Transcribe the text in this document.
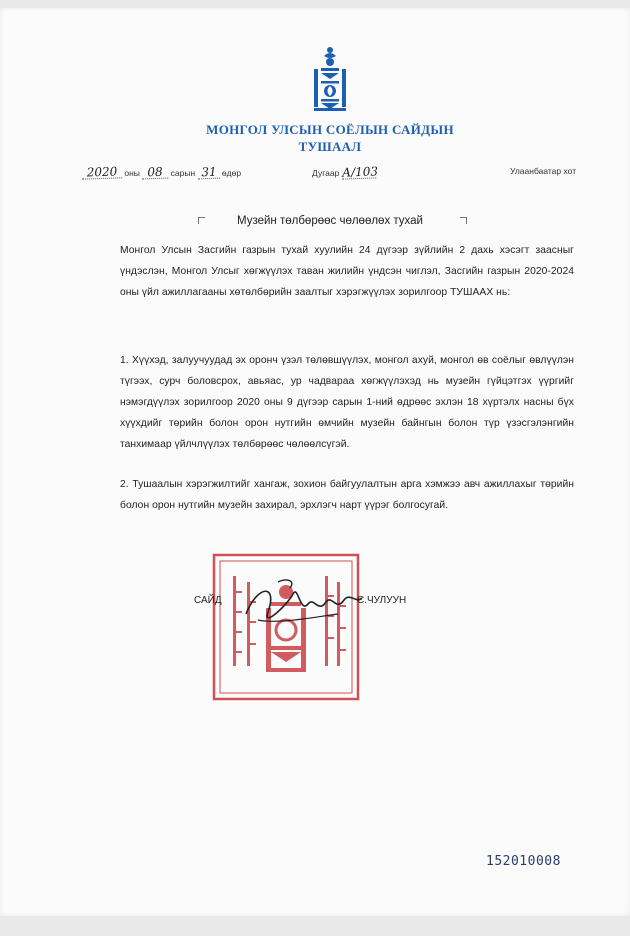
МОНГОЛ УЛСЫН СОЁЛЫН САЙДЫН
ТУШААЛ
2020 оны 08 сарын 31 өдөр	Дугаар А/103	Улаанбаатар хот
Музейн төлбөрөөс чөлөөлөх тухай
Монгол Улсын Засгийн газрын тухай хуулийн 24 дүгээр зүйлийн 2 дахь хэсэгт заасныг үндэслэн, Монгол Улсыг хөгжүүлэх таван жилийн үндсэн чиглэл, Засгийн газрын 2020-2024 оны үйл ажиллагааны хөтөлбөрийн заалтыг хэрэгжүүлэх зорилгоор ТУШААХ нь:
1. Хүүхэд, залуучуудад эх оронч үзэл төлөвшүүлэх, монгол ахуй, монгол өв соёлыг өвлүүлэн түгээх, сурч боловсрох, авьяас, ур чадвараа хөгжүүлэхэд нь музейн гүйцэтгэх үүргийг нэмэгдүүлэх зорилгоор 2020 оны 9 дүгээр сарын 1-ний өдрөөс эхлэн 18 хүртэлх насны бүх хүүхдийг төрийн болон орон нутгийн өмчийн музейн байнгын болон түр үзэсгэлэнгийн танхимаар үйлчлүүлэх төлбөрөөс чөлөөлсүгэй.
2. Тушаалын хэрэгжилтийг хангаж, зохион байгуулалтын арга хэмжээ авч ажиллахыг төрийн болон орон нутгийн музейн захирал, эрхлэгч нарт үүрэг болгосугай.
САЙД	С.ЧУЛУУН
152010008
